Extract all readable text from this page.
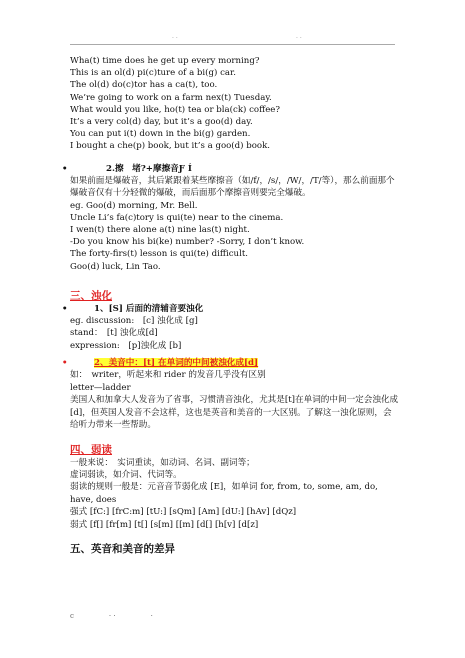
· ·	· ·
Wha(t) time does he get up every morning?
This is an ol(d) pi(c)ture of a bi(g) car.
The ol(d) do(c)tor has a ca(t), too.
We’re going to work on a farm nex(t) Tuesday.
What would you like, ho(t) tea or bla(ck) coffee?
It’s a very col(d) day, but it’s a goo(d) day.
You can put i(t) down in the bi(g) garden.
I bought a che(p) book, but it’s a goo(d) book.
•	2.擦　堵?+摩擦音Ƒ Í
如果前面是爆破音，其后紧跟着某些摩擦音（如/f/，/s/，/W/，/T/等），那么前面那个爆破音仅有十分轻微的爆破，而后面那个摩擦音则要完全爆破。
eg. Goo(d) morning, Mr. Bell.
Uncle Li’s fa(c)tory is qui(te) near to the cinema.
I wen(t) there alone a(t) nine las(t) night.
-Do you know his bi(ke) number? -Sorry, I don’t know.
The forty-firs(t) lesson is qui(te) difficult.
Goo(d) luck, Lin Tao.
三、浊化
•	1、[S] 后面的清辅音要浊化
eg. discussion:　[c] 浊化成 [g]
stand：　[t] 浊化成[d]
expression:　[p]浊化成 [b]
•	2、美音中：[t] 在单词的中间被浊化成[d]
如：　writer，听起来和 rider 的发音几乎没有区别
letter—ladder
美国人和加拿大人发音为了省事，习惯清音浊化，尤其是[t]在单词的中间一定会浊化成[d]，但英国人发音不会这样，这也是英音和美音的一大区别。了解这一浊化原则，会给听力带来一些帮助。
四、弱读
一般来说：　实词重读，如动词、名词、副词等；
虚词弱读，如介词、代词等。
弱读的规则一般是：元音音节弱化成 [E]，如单词 for, from, to, some, am, do, have, does
强式 [fC:] [frC:m] [tU:] [sQm] [Am] [dU:] [hAv] [dQz]
弱式 [f[] [fr[m] [t[] [s[m] [[m] [d[] [h[v] [d[z]
五、英音和美音的差异
c　　　　　· ·　　　　　·
